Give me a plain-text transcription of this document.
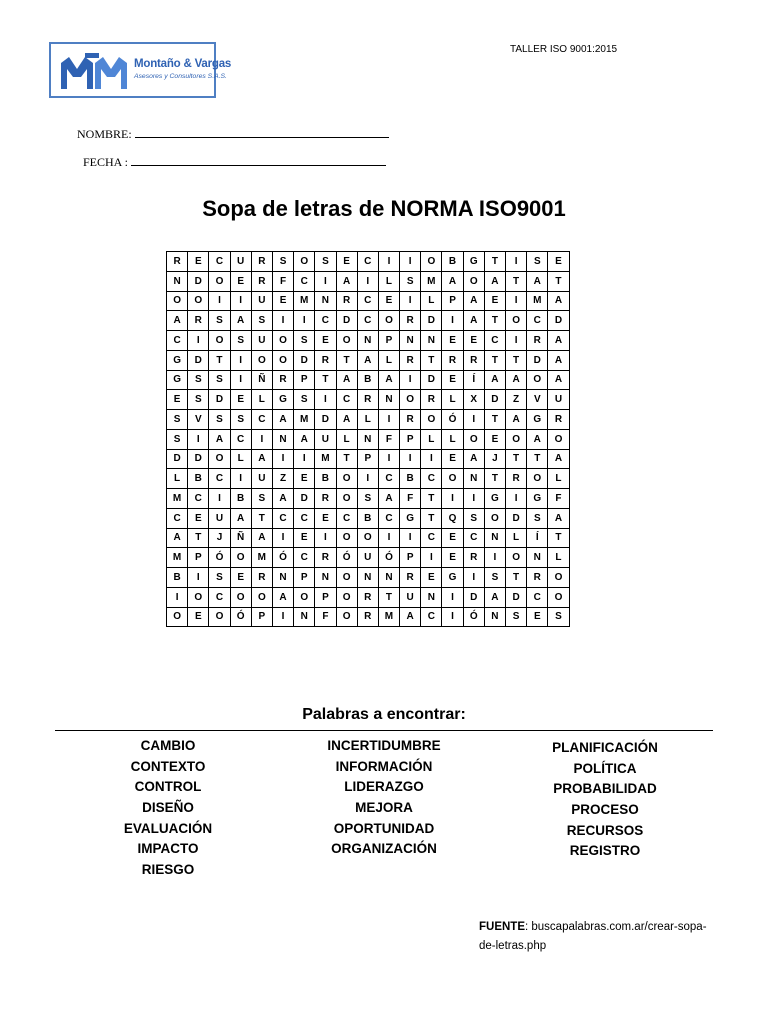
Montaño & Vargas
Asesores y Consultores S.A.S.
TALLER ISO 9001:2015
NOMBRE:
FECHA :
Sopa de letras de NORMA ISO9001
R	E	C	U	R	S	O	S	E	C	I	I	O	B	G	T	I	S	E
N	D	O	E	R	F	C	I	A	I	L	S	M	A	O	A	T	A	T
O	O	I	I	U	E	M	N	R	C	E	I	L	P	A	E	I	M	A
A	R	S	A	S	I	I	C	D	C	O	R	D	I	A	T	O	C	D
C	I	O	S	U	O	S	E	O	N	P	N	N	E	E	C	I	R	A
G	D	T	I	O	O	D	R	T	A	L	R	T	R	R	T	T	D	A
G	S	S	I	Ñ	R	P	T	A	B	A	I	D	E	Í	A	A	O	A
E	S	D	E	L	G	S	I	C	R	N	O	R	L	X	D	Z	V	U
S	V	S	S	C	A	M	D	A	L	I	R	O	Ó	I	T	A	G	R
S	I	A	C	I	N	A	U	L	N	F	P	L	L	O	E	O	A	O
D	D	O	L	A	I	I	M	T	P	I	I	I	E	A	J	T	T	A
L	B	C	I	U	Z	E	B	O	I	C	B	C	O	N	T	R	O	L
M	C	I	B	S	A	D	R	O	S	A	F	T	I	I	G	I	G	F
C	E	U	A	T	C	C	E	C	B	C	G	T	Q	S	O	D	S	A
A	T	J	Ñ	A	I	E	I	O	O	I	I	C	E	C	N	L	Í	T
M	P	Ó	O	M	Ó	C	R	Ó	U	Ó	P	I	E	R	I	O	N	L
B	I	S	E	R	N	P	N	O	N	N	R	E	G	I	S	T	R	O
I	O	C	O	O	A	O	P	O	R	T	U	N	I	D	A	D	C	O
O	E	O	Ó	P	I	N	F	O	R	M	A	C	I	Ó	N	S	E	S
Palabras a encontrar:
CAMBIO
CONTEXTO
CONTROL
DISEÑO
EVALUACIÓN
IMPACTO
RIESGO
INCERTIDUMBRE
INFORMACIÓN
LIDERAZGO
MEJORA
OPORTUNIDAD
ORGANIZACIÓN
PLANIFICACIÓN
POLÍTICA
PROBABILIDAD
PROCESO
RECURSOS
REGISTRO
FUENTE: buscapalabras.com.ar/crear-sopa-de-letras.php
